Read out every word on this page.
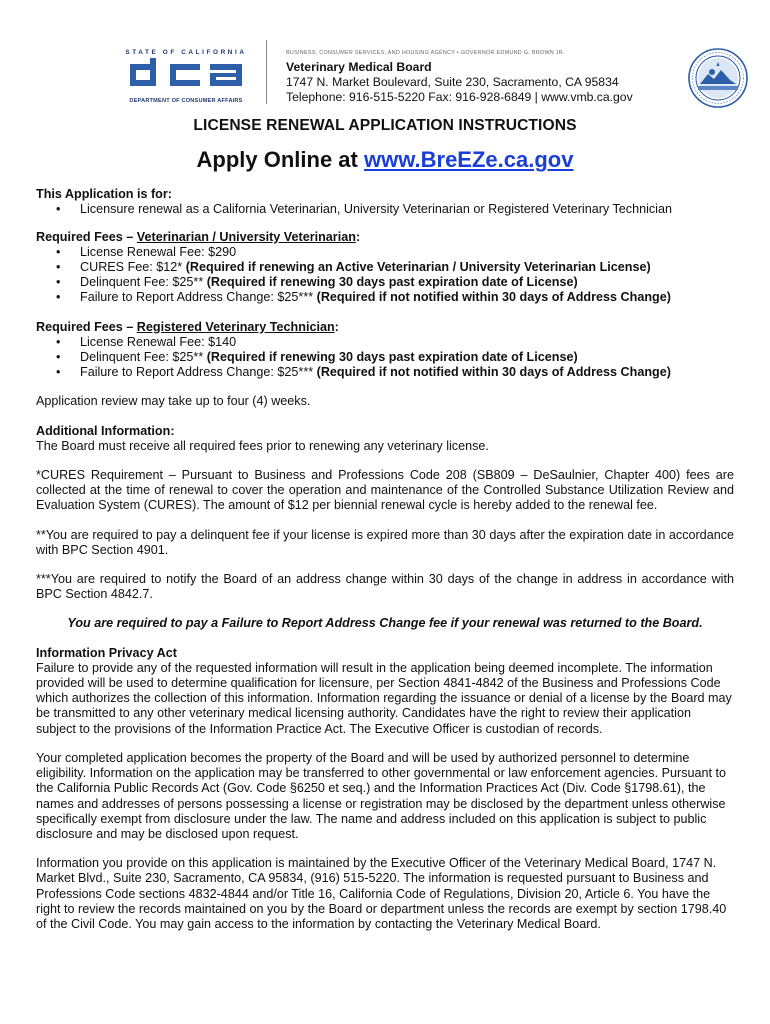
STATE OF CALIFORNIA
DEPARTMENT OF CONSUMER AFFAIRS
BUSINESS, CONSUMER SERVICES, AND HOUSING AGENCY • GOVERNOR EDMUND G. BROWN JR.
Veterinary Medical Board
1747 N. Market Boulevard, Suite 230, Sacramento, CA 95834
Telephone: 916-515-5220 Fax: 916-928-6849 | www.vmb.ca.gov
LICENSE RENEWAL APPLICATION INSTRUCTIONS
Apply Online at www.BreEZe.ca.gov
This Application is for:
• Licensure renewal as a California Veterinarian, University Veterinarian or Registered Veterinary Technician
Required Fees – Veterinarian / University Veterinarian:
• License Renewal Fee: $290
• CURES Fee: $12* (Required if renewing an Active Veterinarian / University Veterinarian License)
• Delinquent Fee: $25** (Required if renewing 30 days past expiration date of License)
• Failure to Report Address Change: $25*** (Required if not notified within 30 days of Address Change)
Required Fees – Registered Veterinary Technician:
• License Renewal Fee: $140
• Delinquent Fee: $25** (Required if renewing 30 days past expiration date of License)
• Failure to Report Address Change: $25*** (Required if not notified within 30 days of Address Change)
Application review may take up to four (4) weeks.
Additional Information:
The Board must receive all required fees prior to renewing any veterinary license.

*CURES Requirement – Pursuant to Business and Professions Code 208 (SB809 – DeSaulnier, Chapter 400) fees are collected at the time of renewal to cover the operation and maintenance of the Controlled Substance Utilization Review and Evaluation System (CURES). The amount of $12 per biennial renewal cycle is hereby added to the renewal fee.

**You are required to pay a delinquent fee if your license is expired more than 30 days after the expiration date in accordance with BPC Section 4901.

***You are required to notify the Board of an address change within 30 days of the change in address in accordance with BPC Section 4842.7.

You are required to pay a Failure to Report Address Change fee if your renewal was returned to the Board.
Information Privacy Act

Failure to provide any of the requested information will result in the application being deemed incomplete. The information provided will be used to determine qualification for licensure, per Section 4841-4842 of the Business and Professions Code which authorizes the collection of this information. Information regarding the issuance or denial of a license by the Board may be transmitted to any other veterinary medical licensing authority. Candidates have the right to review their application subject to the provisions of the Information Practice Act. The Executive Officer is custodian of records.

Your completed application becomes the property of the Board and will be used by authorized personnel to determine eligibility. Information on the application may be transferred to other governmental or law enforcement agencies. Pursuant to the California Public Records Act (Gov. Code §6250 et seq.) and the Information Practices Act (Div. Code §1798.61), the names and addresses of persons possessing a license or registration may be disclosed by the department unless otherwise specifically exempt from disclosure under the law. The name and address included on this application is subject to public disclosure and may be disclosed upon request.

Information you provide on this application is maintained by the Executive Officer of the Veterinary Medical Board, 1747 N. Market Blvd., Suite 230, Sacramento, CA 95834, (916) 515-5220. The information is requested pursuant to Business and Professions Code sections 4832-4844 and/or Title 16, California Code of Regulations, Division 20, Article 6. You have the right to review the records maintained on you by the Board or department unless the records are exempt by section 1798.40 of the Civil Code. You may gain access to the information by contacting the Veterinary Medical Board.
